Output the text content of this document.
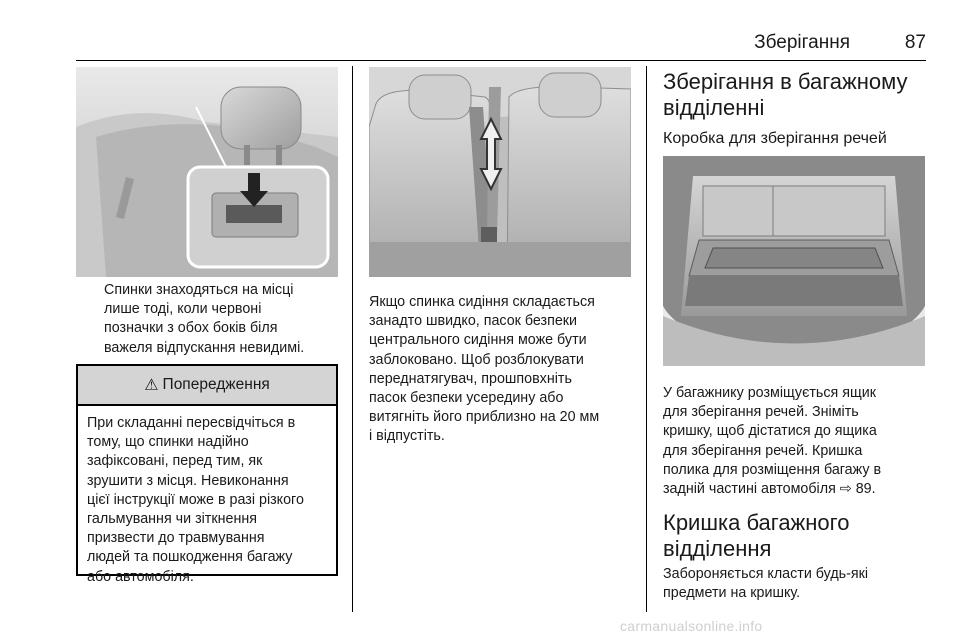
Зберігання	87
Спинки знаходяться на місці
лише тоді, коли червоні
позначки з обох боків біля
важеля відпускання невидимі.
⚠ Попередження
При складанні пересвідчіться в
тому, що спинки надійно
зафіксовані, перед тим, як
зрушити з місця. Невиконання
цієї інструкції може в разі різкого
гальмування чи зіткнення
призвести до травмування
людей та пошкодження багажу
або автомобіля.
Якщо спинка сидіння складається
занадто швидко, пасок безпеки
центрального сидіння може бути
заблоковано. Щоб розблокувати
переднатягувач, прошповхніть
пасок безпеки усередину або
витягніть його приблизно на 20 мм
і відпустіть.
Зберігання в багажному
відділенні
Коробка для зберігання речей
У багажнику розміщується ящик
для зберігання речей. Зніміть
кришку, щоб дістатися до ящика
для зберігання речей. Кришка
полика для розміщення багажу в
задній частині автомобіля ⇨ 89.
Кришка багажного
відділення
Забороняється класти будь-які
предмети на кришку.
carmanualsonline.info
